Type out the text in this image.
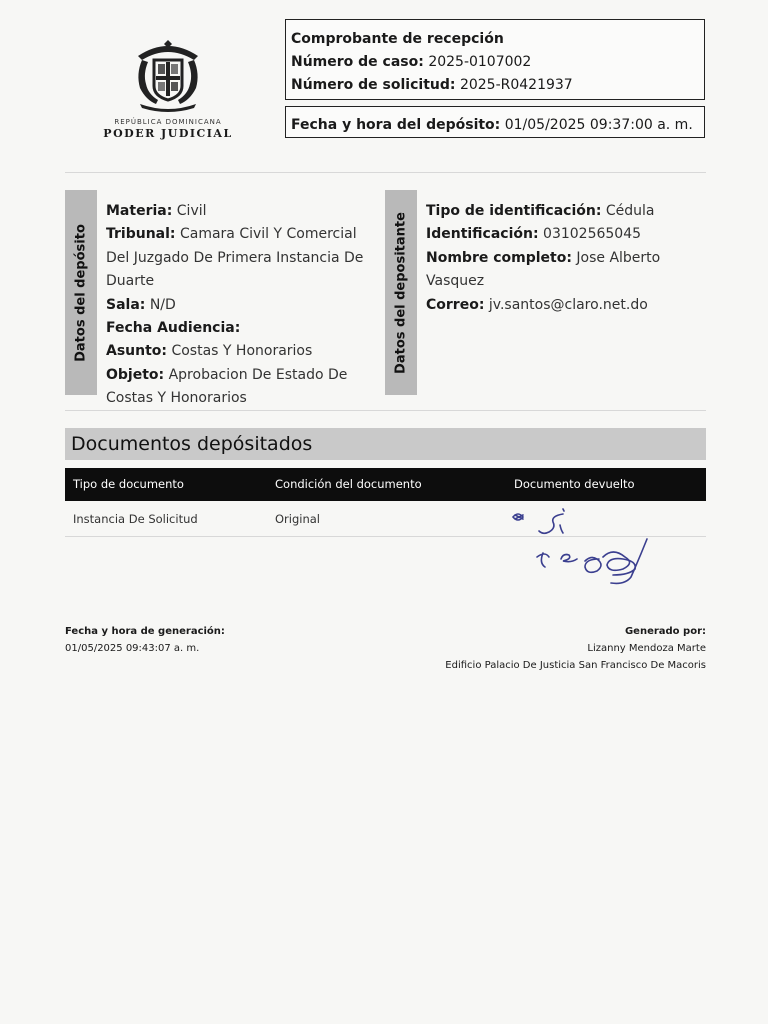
REPÚBLICA DOMINICANA
PODER JUDICIAL
Comprobante de recepción
Número de caso: 2025-0107002
Número de solicitud: 2025-R0421937
Fecha y hora del depósito: 01/05/2025 09:37:00 a. m.
Datos del depósito
Materia: Civil
Tribunal: Camara Civil Y Comercial Del Juzgado De Primera Instancia De Duarte
Sala: N/D
Fecha Audiencia:
Asunto: Costas Y Honorarios
Objeto: Aprobacion De Estado De Costas Y Honorarios
Datos del depositante
Tipo de identificación: Cédula
Identificación: 03102565045
Nombre completo: Jose Alberto Vasquez
Correo: jv.santos@claro.net.do
Documentos depósitados
Tipo de documento	Condición del documento	Documento devuelto
Instancia De Solicitud	Original
Fecha y hora de generación:
01/05/2025 09:43:07 a. m.
Generado por:
Lizanny Mendoza Marte
Edificio Palacio De Justicia San Francisco De Macoris
